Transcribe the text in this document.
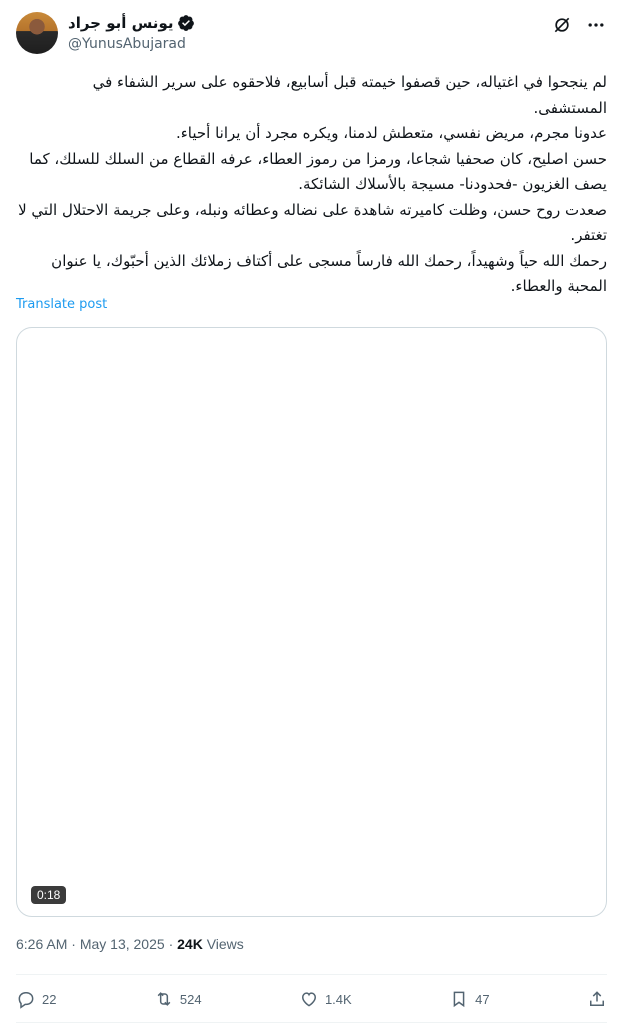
يونس أبو جراد
@YunusAbujarad

لم ينجحوا في اغتياله، حين قصفوا خيمته قبل أسابيع، فلاحقوه على سرير الشفاء في المستشفى.

عدونا مجرم، مريض نفسي، متعطش لدمنا، ويكره مجرد أن يرانا أحياء.

حسن اصليح، كان صحفيا شجاعا، ورمزا من رموز العطاء، عرفه القطاع من السلك للسلك، كما يصف الغزيون -فحدودنا- مسيجة بالأسلاك الشائكة.

صعدت روح حسن، وظلت كاميرته شاهدة على نضاله وعطائه ونبله، وعلى جريمة الاحتلال التي لا تغتفر.

رحمك الله حياً وشهيداً، رحمك الله فارساً مسجى على أكتاف زملائك الذين أحبّوك، يا عنوان المحبة والعطاء.

Translate post
0:18
6:26 AM · May 13, 2025 · 24K Views
22	524	1.4K	47
